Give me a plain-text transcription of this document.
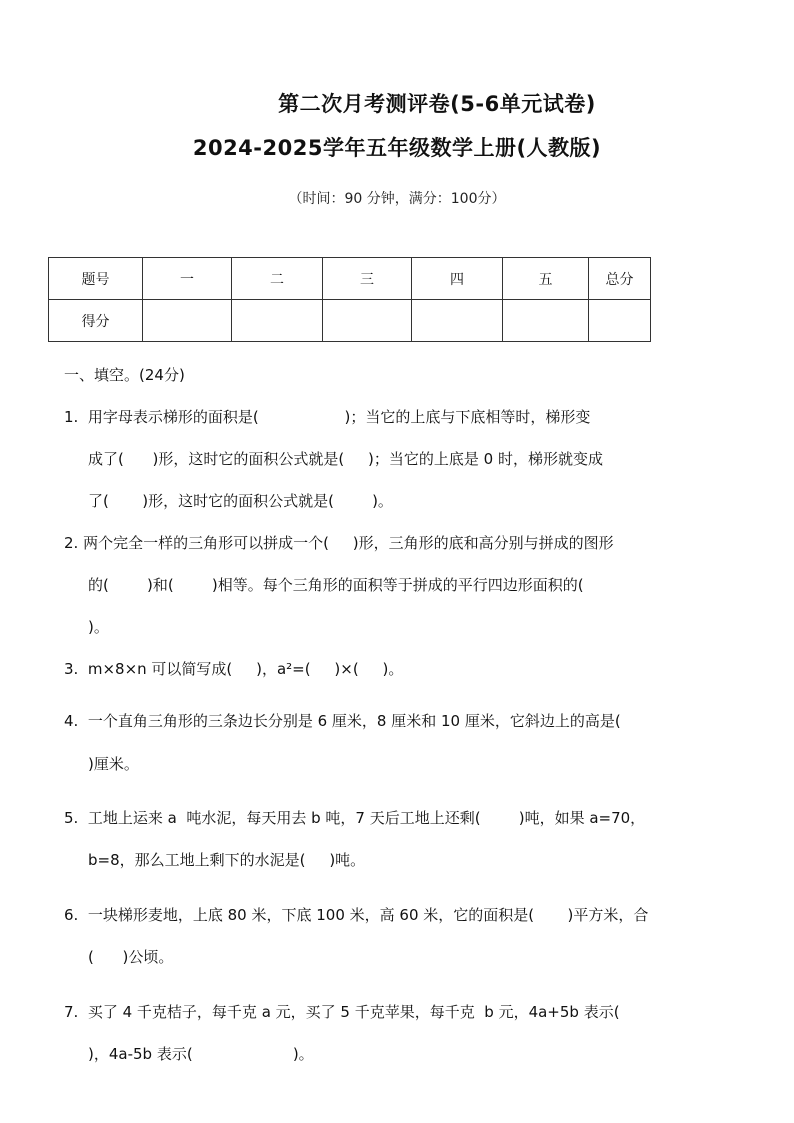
第二次月考测评卷(5-6单元试卷)
2024-2025学年五年级数学上册(人教版)
（时间：90 分钟，满分：100分）
题号	一	二	三	四	五	总分
得分						
一、填空。(24分)
1.  用字母表示梯形的面积是(                  )；当它的上底与下底相等时，梯形变
成了(      )形，这时它的面积公式就是(     )；当它的上底是 0 时，梯形就变成
了(       )形，这时它的面积公式就是(        )。
2. 两个完全一样的三角形可以拼成一个(     )形，三角形的底和高分别与拼成的图形
的(        )和(        )相等。每个三角形的面积等于拼成的平行四边形面积的(
)。
3.  m×8×n 可以简写成(     )，a²=(     )×(     )。
4.  一个直角三角形的三条边长分别是 6 厘米，8 厘米和 10 厘米，它斜边上的高是(
)厘米。
5.  工地上运来 a  吨水泥，每天用去 b 吨，7 天后工地上还剩(        )吨，如果 a=70，
b=8，那么工地上剩下的水泥是(     )吨。
6.  一块梯形麦地，上底 80 米，下底 100 米，高 60 米，它的面积是(       )平方米，合
(      )公顷。
7.  买了 4 千克桔子，每千克 a 元，买了 5 千克苹果，每千克  b 元，4a+5b 表示(
)，4a-5b 表示(                     )。
